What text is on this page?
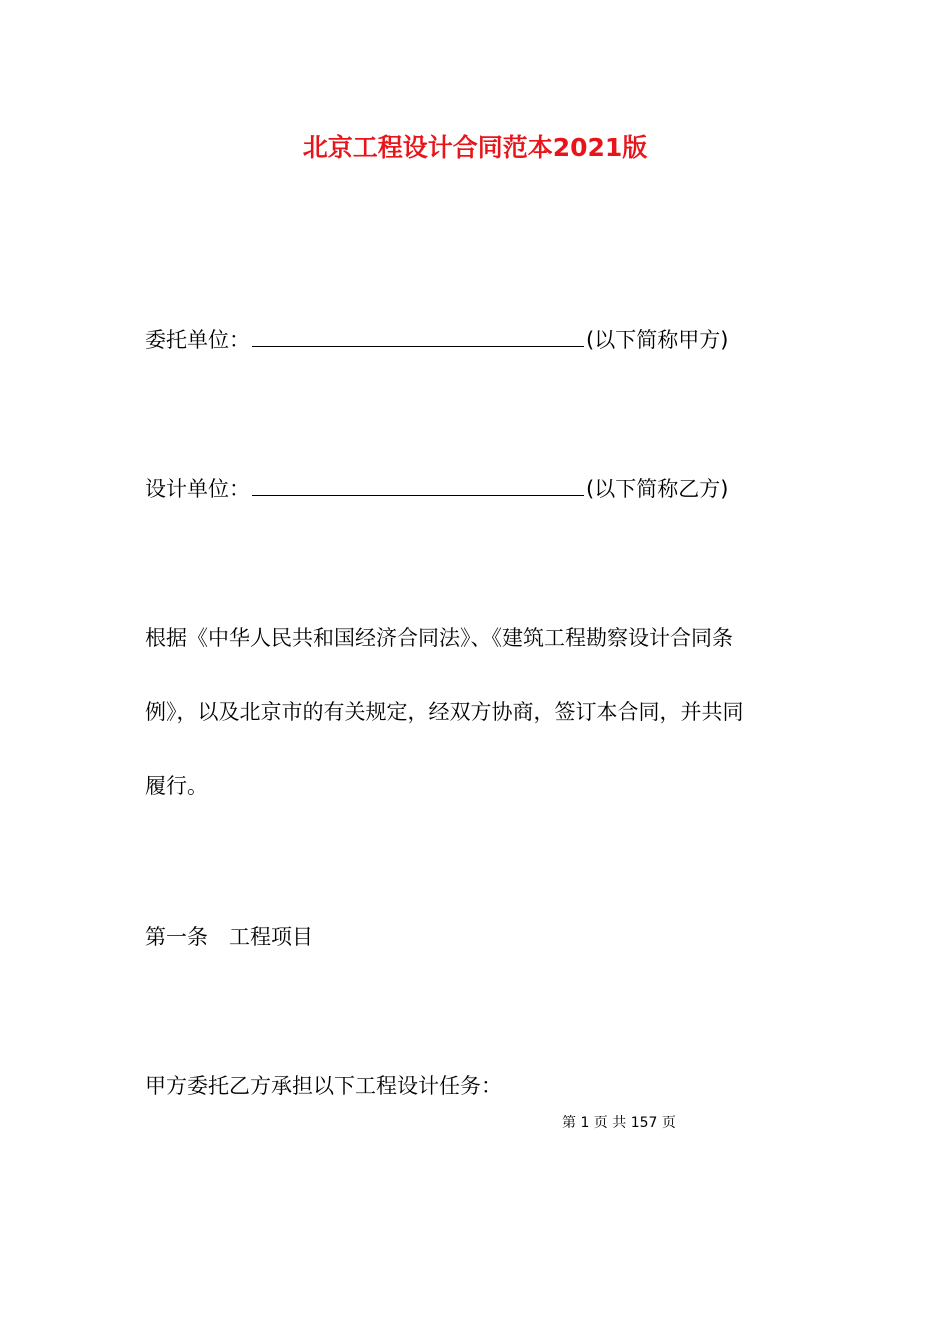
北京工程设计合同范本2021版
委托单位：	(以下简称甲方)
设计单位：	(以下简称乙方)
根据《中华人民共和国经济合同法》、《建筑工程勘察设计合同条
例》，以及北京市的有关规定，经双方协商，签订本合同，并共同
履行。
第一条　工程项目
甲方委托乙方承担以下工程设计任务：
第 1 页 共 157 页
